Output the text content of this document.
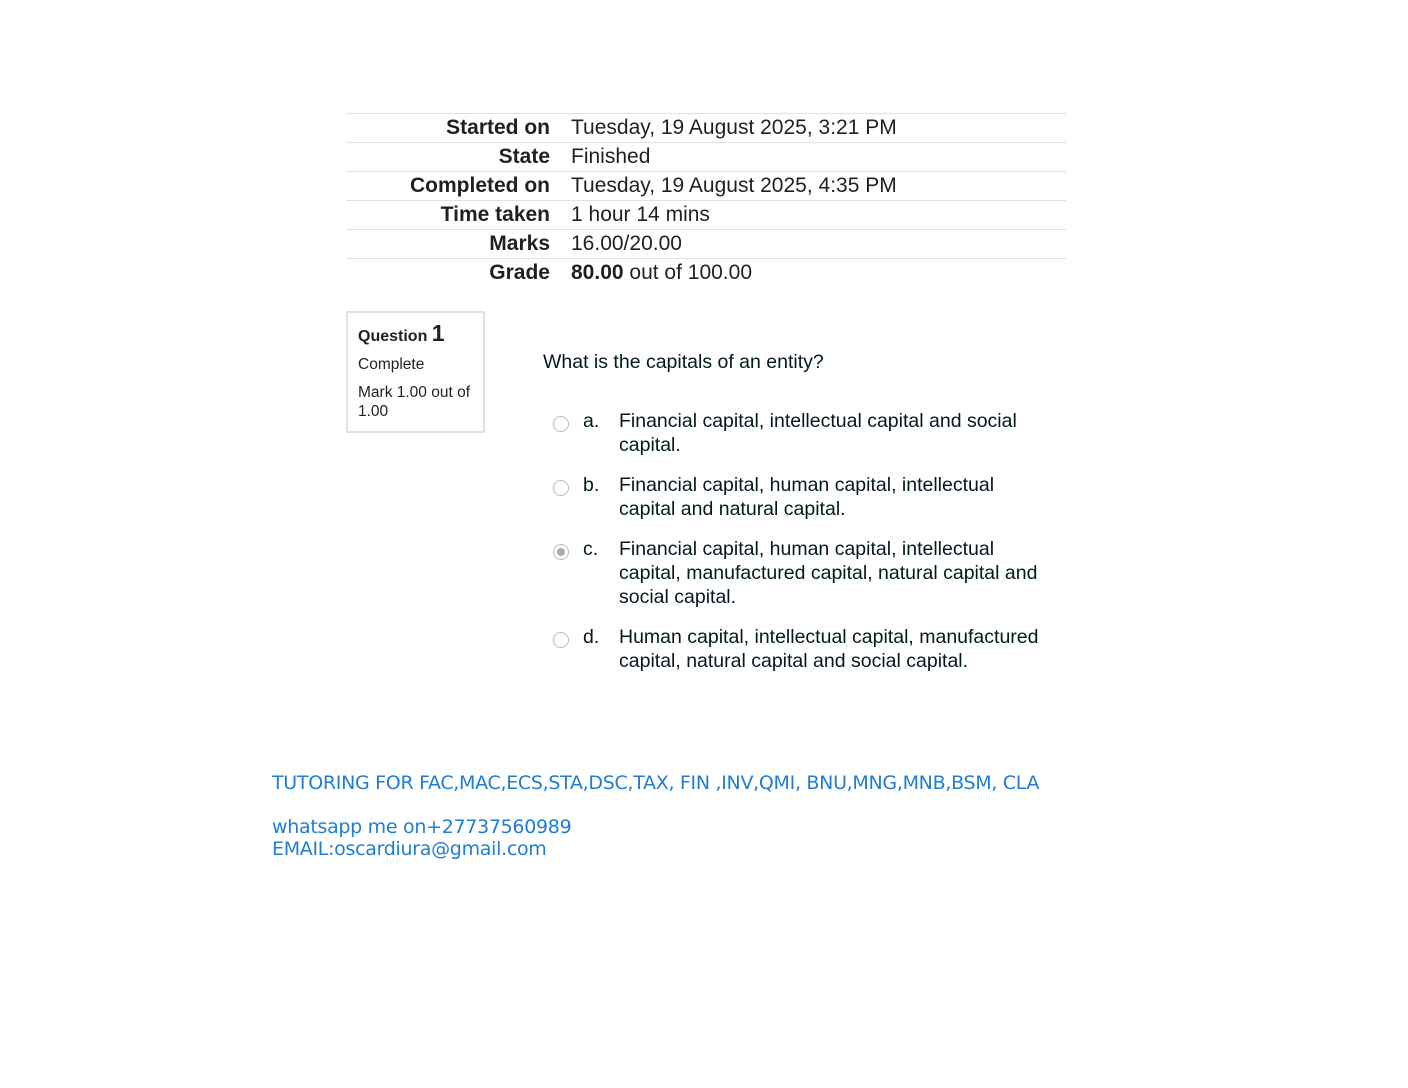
Started on	Tuesday, 19 August 2025, 3:21 PM
State	Finished
Completed on	Tuesday, 19 August 2025, 4:35 PM
Time taken	1 hour 14 mins
Marks	16.00/20.00
Grade	80.00 out of 100.00
Question 1
Complete
Mark 1.00 out of 1.00
What is the capitals of an entity?
a.	Financial capital, intellectual capital and social capital.
b.	Financial capital, human capital, intellectual capital and natural capital.
c.	Financial capital, human capital, intellectual capital, manufactured capital, natural capital and social capital.
d.	Human capital, intellectual capital, manufactured capital, natural capital and social capital.
TUTORING FOR FAC,MAC,ECS,STA,DSC,TAX, FIN ,INV,QMI, BNU,MNG,MNB,BSM, CLA
whatsapp me on+27737560989
EMAIL:oscardiura@gmail.com
